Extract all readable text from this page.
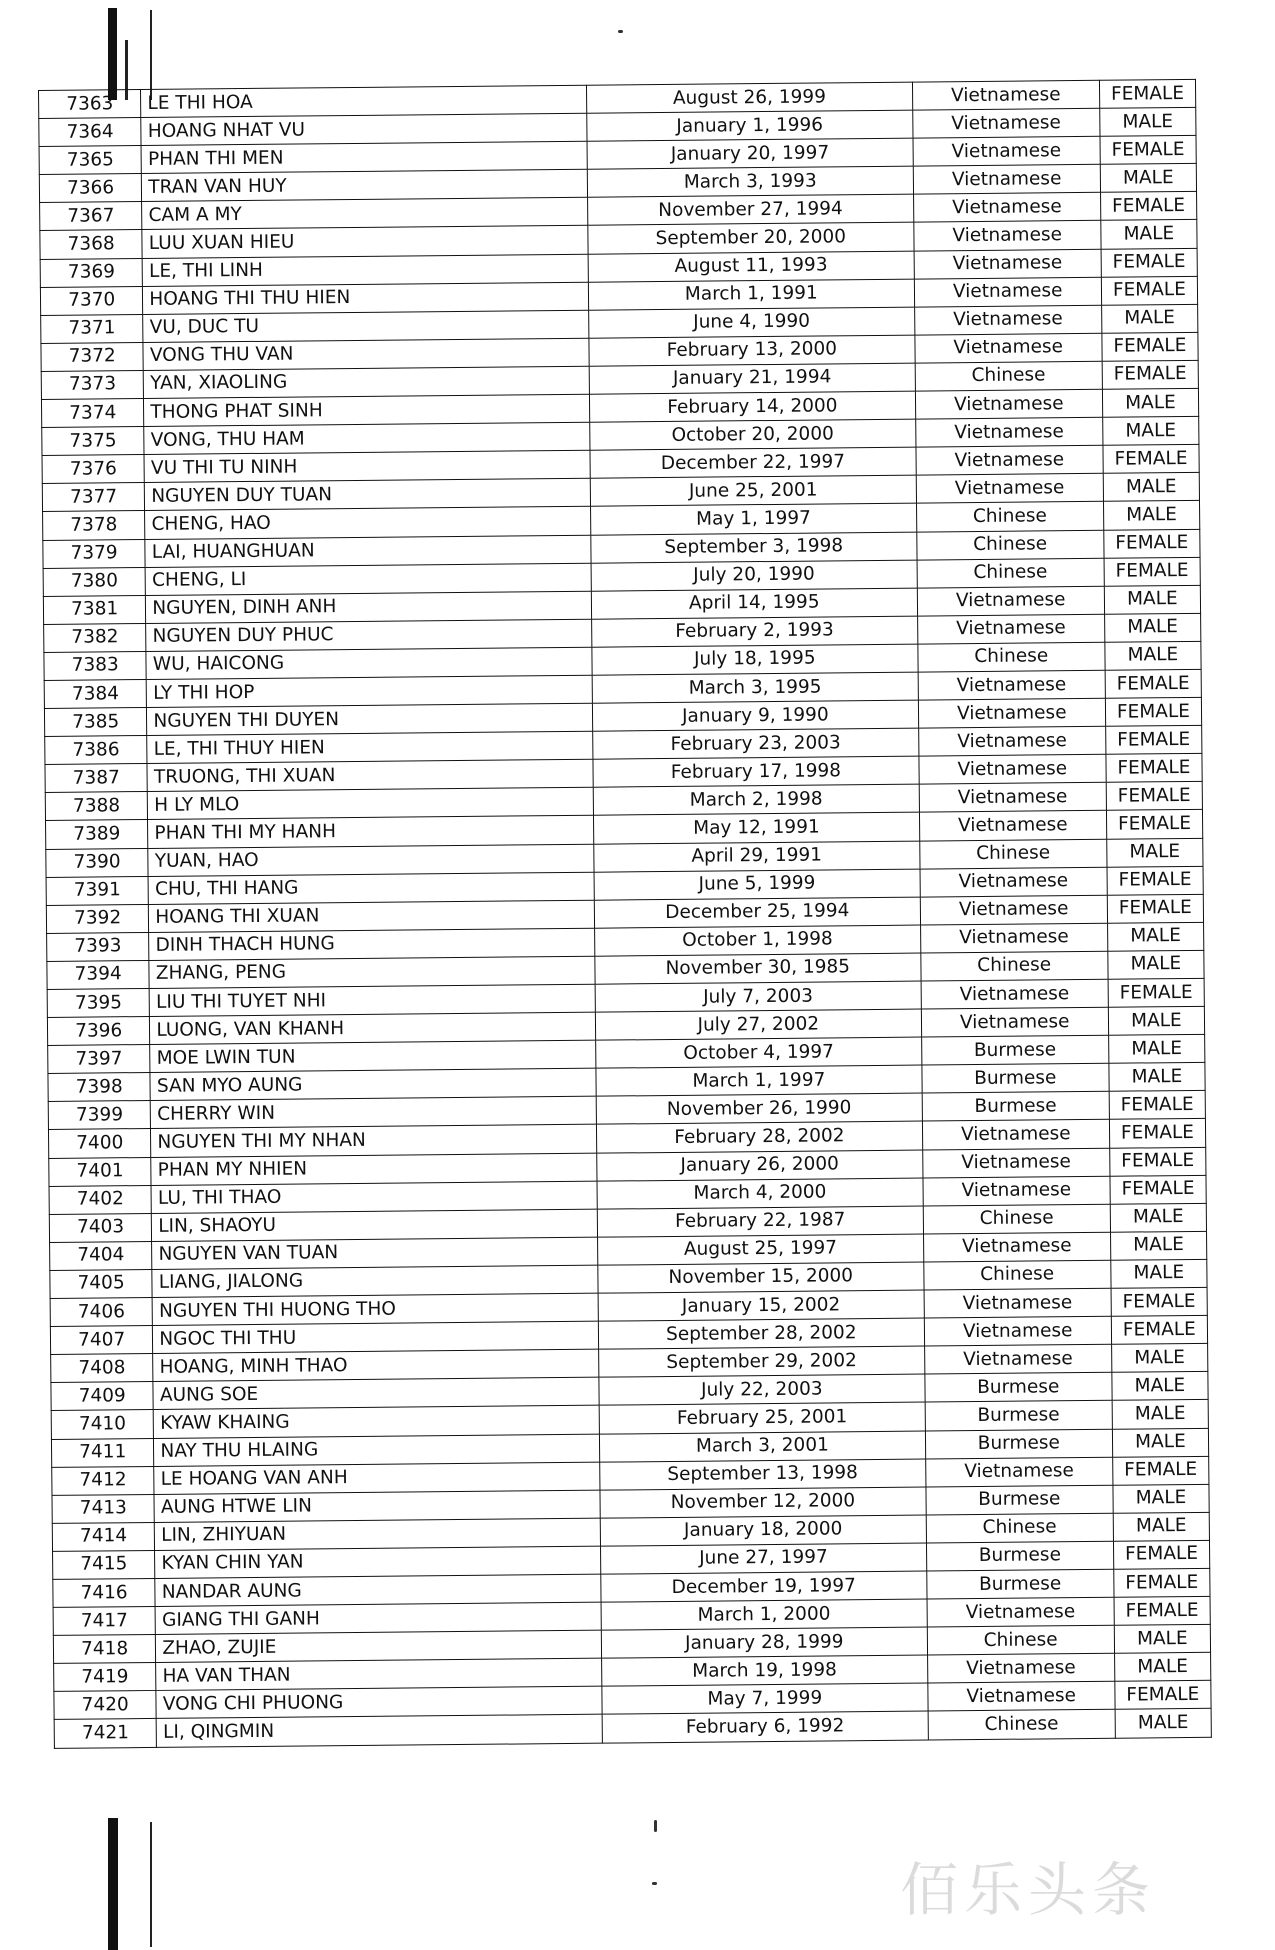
7363	LE THI HOA	August 26, 1999	Vietnamese	FEMALE
7364	HOANG NHAT VU	January 1, 1996	Vietnamese	MALE
7365	PHAN THI MEN	January 20, 1997	Vietnamese	FEMALE
7366	TRAN VAN HUY	March 3, 1993	Vietnamese	MALE
7367	CAM A MY	November 27, 1994	Vietnamese	FEMALE
7368	LUU XUAN HIEU	September 20, 2000	Vietnamese	MALE
7369	LE, THI LINH	August 11, 1993	Vietnamese	FEMALE
7370	HOANG THI THU HIEN	March 1, 1991	Vietnamese	FEMALE
7371	VU, DUC TU	June 4, 1990	Vietnamese	MALE
7372	VONG THU VAN	February 13, 2000	Vietnamese	FEMALE
7373	YAN, XIAOLING	January 21, 1994	Chinese	FEMALE
7374	THONG PHAT SINH	February 14, 2000	Vietnamese	MALE
7375	VONG, THU HAM	October 20, 2000	Vietnamese	MALE
7376	VU THI TU NINH	December 22, 1997	Vietnamese	FEMALE
7377	NGUYEN DUY TUAN	June 25, 2001	Vietnamese	MALE
7378	CHENG, HAO	May 1, 1997	Chinese	MALE
7379	LAI, HUANGHUAN	September 3, 1998	Chinese	FEMALE
7380	CHENG, LI	July 20, 1990	Chinese	FEMALE
7381	NGUYEN, DINH ANH	April 14, 1995	Vietnamese	MALE
7382	NGUYEN DUY PHUC	February 2, 1993	Vietnamese	MALE
7383	WU, HAICONG	July 18, 1995	Chinese	MALE
7384	LY THI HOP	March 3, 1995	Vietnamese	FEMALE
7385	NGUYEN THI DUYEN	January 9, 1990	Vietnamese	FEMALE
7386	LE, THI THUY HIEN	February 23, 2003	Vietnamese	FEMALE
7387	TRUONG, THI XUAN	February 17, 1998	Vietnamese	FEMALE
7388	H LY MLO	March 2, 1998	Vietnamese	FEMALE
7389	PHAN THI MY HANH	May 12, 1991	Vietnamese	FEMALE
7390	YUAN, HAO	April 29, 1991	Chinese	MALE
7391	CHU, THI HANG	June 5, 1999	Vietnamese	FEMALE
7392	HOANG THI XUAN	December 25, 1994	Vietnamese	FEMALE
7393	DINH THACH HUNG	October 1, 1998	Vietnamese	MALE
7394	ZHANG, PENG	November 30, 1985	Chinese	MALE
7395	LIU THI TUYET NHI	July 7, 2003	Vietnamese	FEMALE
7396	LUONG, VAN KHANH	July 27, 2002	Vietnamese	MALE
7397	MOE LWIN TUN	October 4, 1997	Burmese	MALE
7398	SAN MYO AUNG	March 1, 1997	Burmese	MALE
7399	CHERRY WIN	November 26, 1990	Burmese	FEMALE
7400	NGUYEN THI MY NHAN	February 28, 2002	Vietnamese	FEMALE
7401	PHAN MY NHIEN	January 26, 2000	Vietnamese	FEMALE
7402	LU, THI THAO	March 4, 2000	Vietnamese	FEMALE
7403	LIN, SHAOYU	February 22, 1987	Chinese	MALE
7404	NGUYEN VAN TUAN	August 25, 1997	Vietnamese	MALE
7405	LIANG, JIALONG	November 15, 2000	Chinese	MALE
7406	NGUYEN THI HUONG THO	January 15, 2002	Vietnamese	FEMALE
7407	NGOC THI THU	September 28, 2002	Vietnamese	FEMALE
7408	HOANG, MINH THAO	September 29, 2002	Vietnamese	MALE
7409	AUNG SOE	July 22, 2003	Burmese	MALE
7410	KYAW KHAING	February 25, 2001	Burmese	MALE
7411	NAY THU HLAING	March 3, 2001	Burmese	MALE
7412	LE HOANG VAN ANH	September 13, 1998	Vietnamese	FEMALE
7413	AUNG HTWE LIN	November 12, 2000	Burmese	MALE
7414	LIN, ZHIYUAN	January 18, 2000	Chinese	MALE
7415	KYAN CHIN YAN	June 27, 1997	Burmese	FEMALE
7416	NANDAR AUNG	December 19, 1997	Burmese	FEMALE
7417	GIANG THI GANH	March 1, 2000	Vietnamese	FEMALE
7418	ZHAO, ZUJIE	January 28, 1999	Chinese	MALE
7419	HA VAN THAN	March 19, 1998	Vietnamese	MALE
7420	VONG CHI PHUONG	May 7, 1999	Vietnamese	FEMALE
7421	LI, QINGMIN	February 6, 1992	Chinese	MALE
佰乐头条
